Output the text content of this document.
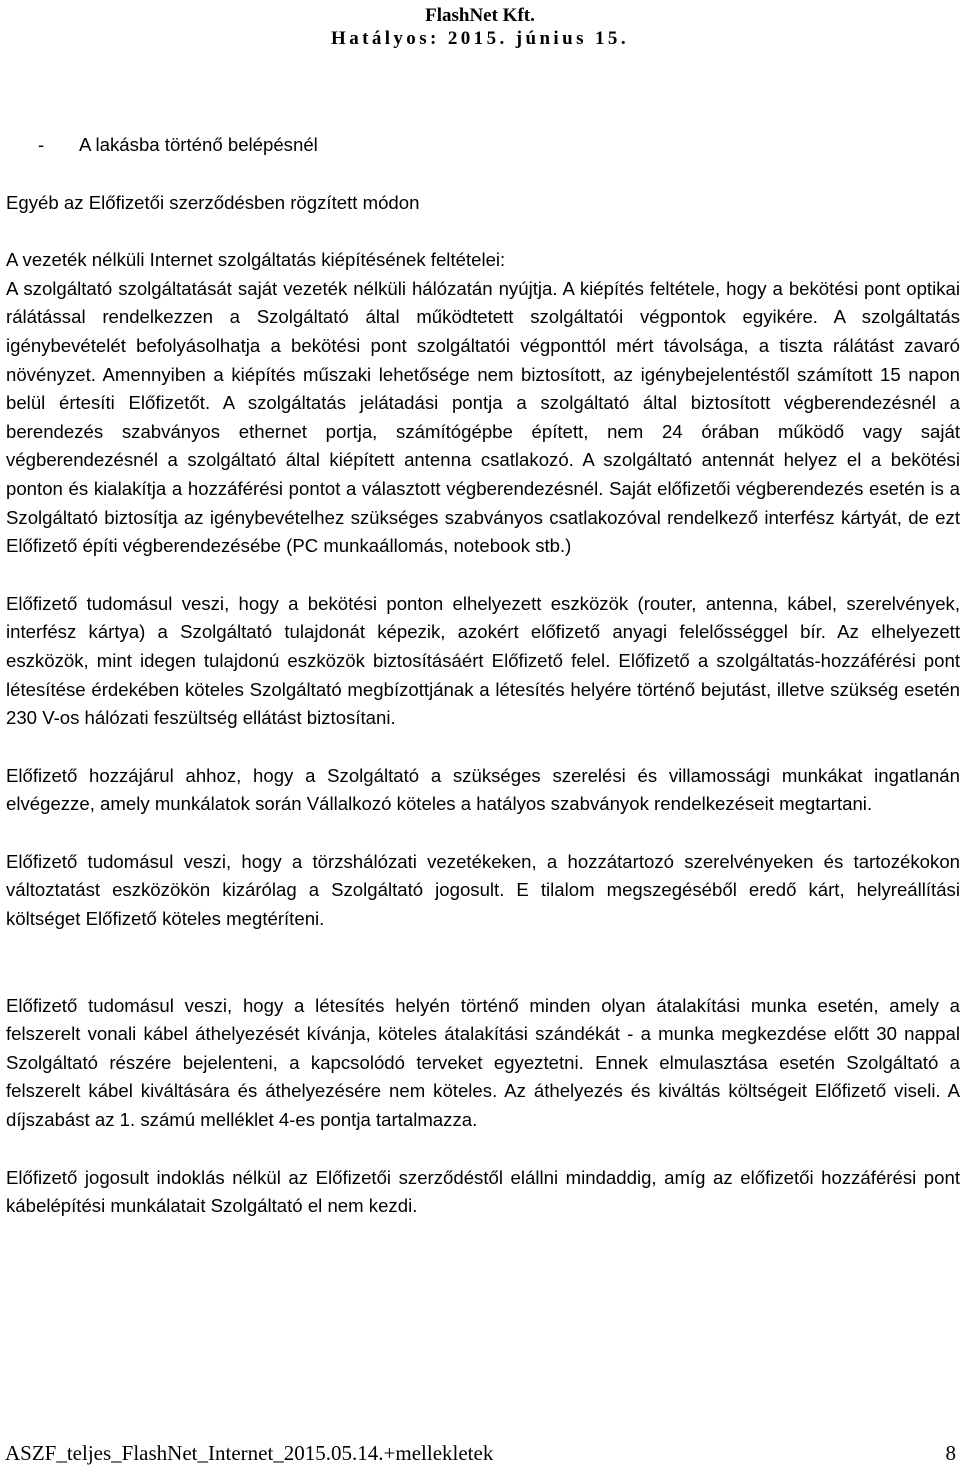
FlashNet Kft.
Hatályos: 2015. június 15.
- A lakásba történő belépésnél

Egyéb az Előfizetői szerződésben rögzített módon

A vezeték nélküli Internet szolgáltatás kiépítésének feltételei:

A szolgáltató szolgáltatását saját vezeték nélküli hálózatán nyújtja. A kiépítés feltétele, hogy a bekötési pont optikai rálátással rendelkezzen a Szolgáltató által működtetett szolgáltatói végpontok egyikére. A szolgáltatás igénybevételét befolyásolhatja a bekötési pont szolgáltatói végponttól mért távolsága, a tiszta rálátást zavaró növényzet. Amennyiben a kiépítés műszaki lehetősége nem biztosított, az igénybejelentéstől számított 15 napon belül értesíti Előfizetőt. A szolgáltatás jelátadási pontja a szolgáltató által biztosított végberendezésnél a berendezés szabványos ethernet portja, számítógépbe épített, nem 24 órában működő vagy saját végberendezésnél a szolgáltató által kiépített antenna csatlakozó. A szolgáltató antennát helyez el a bekötési ponton és kialakítja a hozzáférési pontot a választott végberendezésnél. Saját előfizetői végberendezés esetén is a Szolgáltató biztosítja az igénybevételhez szükséges szabványos csatlakozóval rendelkező interfész kártyát, de ezt Előfizető építi végberendezésébe (PC munkaállomás, notebook stb.)

Előfizető tudomásul veszi, hogy a bekötési ponton elhelyezett eszközök (router, antenna, kábel, szerelvények, interfész kártya) a Szolgáltató tulajdonát képezik, azokért előfizető anyagi felelősséggel bír. Az elhelyezett eszközök, mint idegen tulajdonú eszközök biztosításáért Előfizető felel. Előfizető a szolgáltatás-hozzáférési pont létesítése érdekében köteles Szolgáltató megbízottjának a létesítés helyére történő bejutást, illetve szükség esetén 230 V-os hálózati feszültség ellátást biztosítani.

Előfizető hozzájárul ahhoz, hogy a Szolgáltató a szükséges szerelési és villamossági munkákat ingatlanán elvégezze, amely munkálatok során Vállalkozó köteles a hatályos szabványok rendelkezéseit megtartani.

Előfizető tudomásul veszi, hogy a törzshálózati vezetékeken, a hozzátartozó szerelvényeken és tartozékokon változtatást eszközökön kizárólag a Szolgáltató jogosult. E tilalom megszegéséből eredő kárt, helyreállítási költséget Előfizető köteles megtéríteni.

Előfizető tudomásul veszi, hogy a létesítés helyén történő minden olyan átalakítási munka esetén, amely a felszerelt vonali kábel áthelyezését kívánja, köteles átalakítási szándékát - a munka megkezdése előtt 30 nappal Szolgáltató részére bejelenteni, a kapcsolódó terveket egyeztetni. Ennek elmulasztása esetén Szolgáltató a felszerelt kábel kiváltására és áthelyezésére nem köteles. Az áthelyezés és kiváltás költségeit Előfizető viseli. A díjszabást az 1. számú melléklet 4-es pontja tartalmazza.

Előfizető jogosult indoklás nélkül az Előfizetői szerződéstől elállni mindaddig, amíg az előfizetői hozzáférési pont kábelépítési munkálatait Szolgáltató el nem kezdi.

ASZF_teljes_FlashNet_Internet_2015.05.14.+mellekletek	8
